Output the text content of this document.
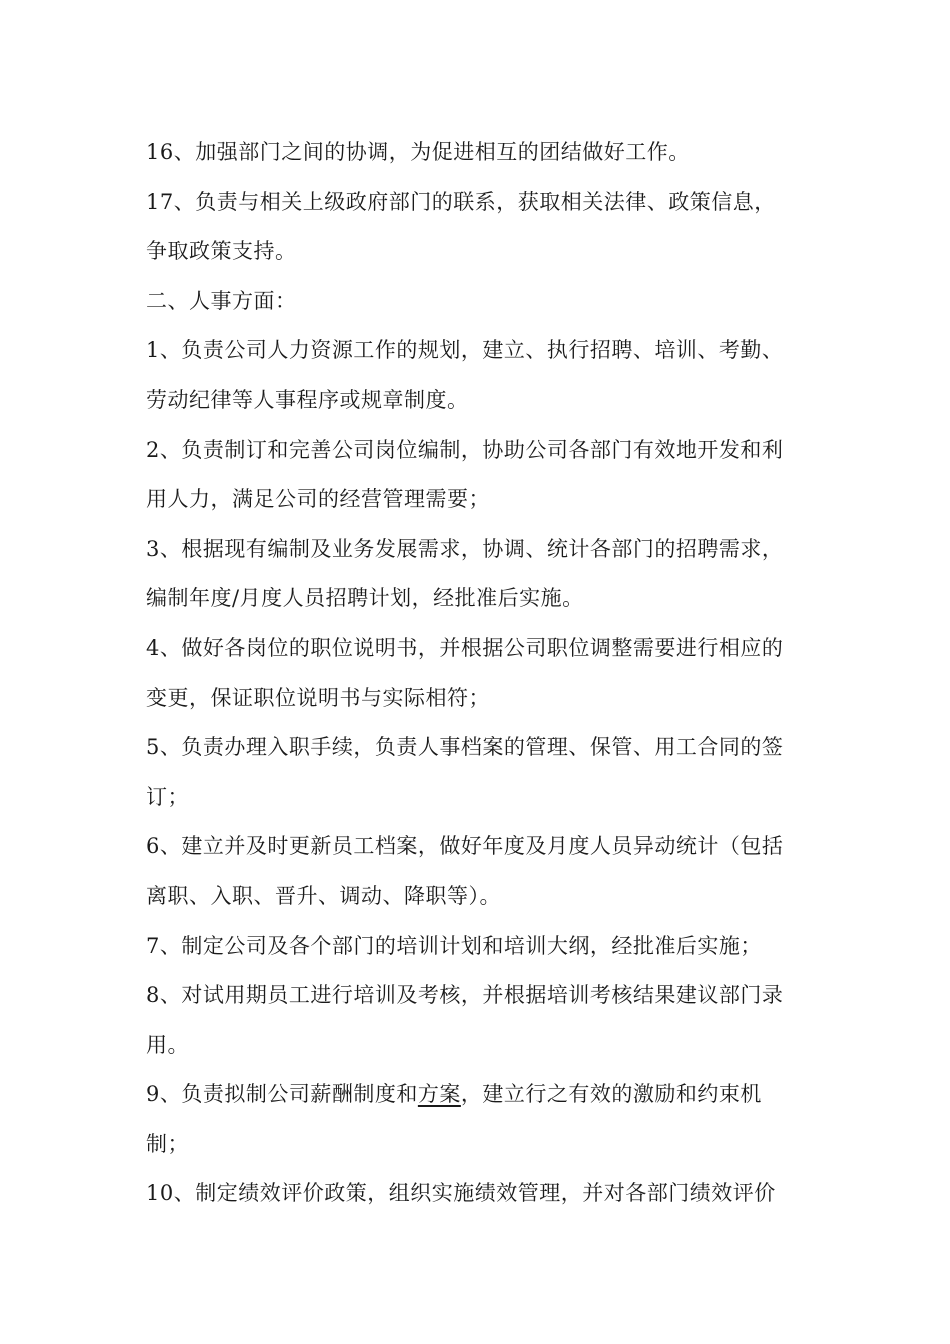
16、加强部门之间的协调，为促进相互的团结做好工作。

17、负责与相关上级政府部门的联系，获取相关法律、政策信息，

争取政策支持。

二、人事方面：

1、负责公司人力资源工作的规划，建立、执行招聘、培训、考勤、

劳动纪律等人事程序或规章制度。

2、负责制订和完善公司岗位编制，协助公司各部门有效地开发和利

用人力，满足公司的经营管理需要；

3、根据现有编制及业务发展需求，协调、统计各部门的招聘需求，

编制年度/月度人员招聘计划，经批准后实施。

4、做好各岗位的职位说明书，并根据公司职位调整需要进行相应的

变更，保证职位说明书与实际相符；

5、负责办理入职手续，负责人事档案的管理、保管、用工合同的签

订；

6、建立并及时更新员工档案，做好年度及月度人员异动统计（包括

离职、入职、晋升、调动、降职等）。

7、制定公司及各个部门的培训计划和培训大纲，经批准后实施；

8、对试用期员工进行培训及考核，并根据培训考核结果建议部门录

用。

9、负责拟制公司薪酬制度和方案，建立行之有效的激励和约束机

制；

10、制定绩效评价政策，组织实施绩效管理，并对各部门绩效评价
